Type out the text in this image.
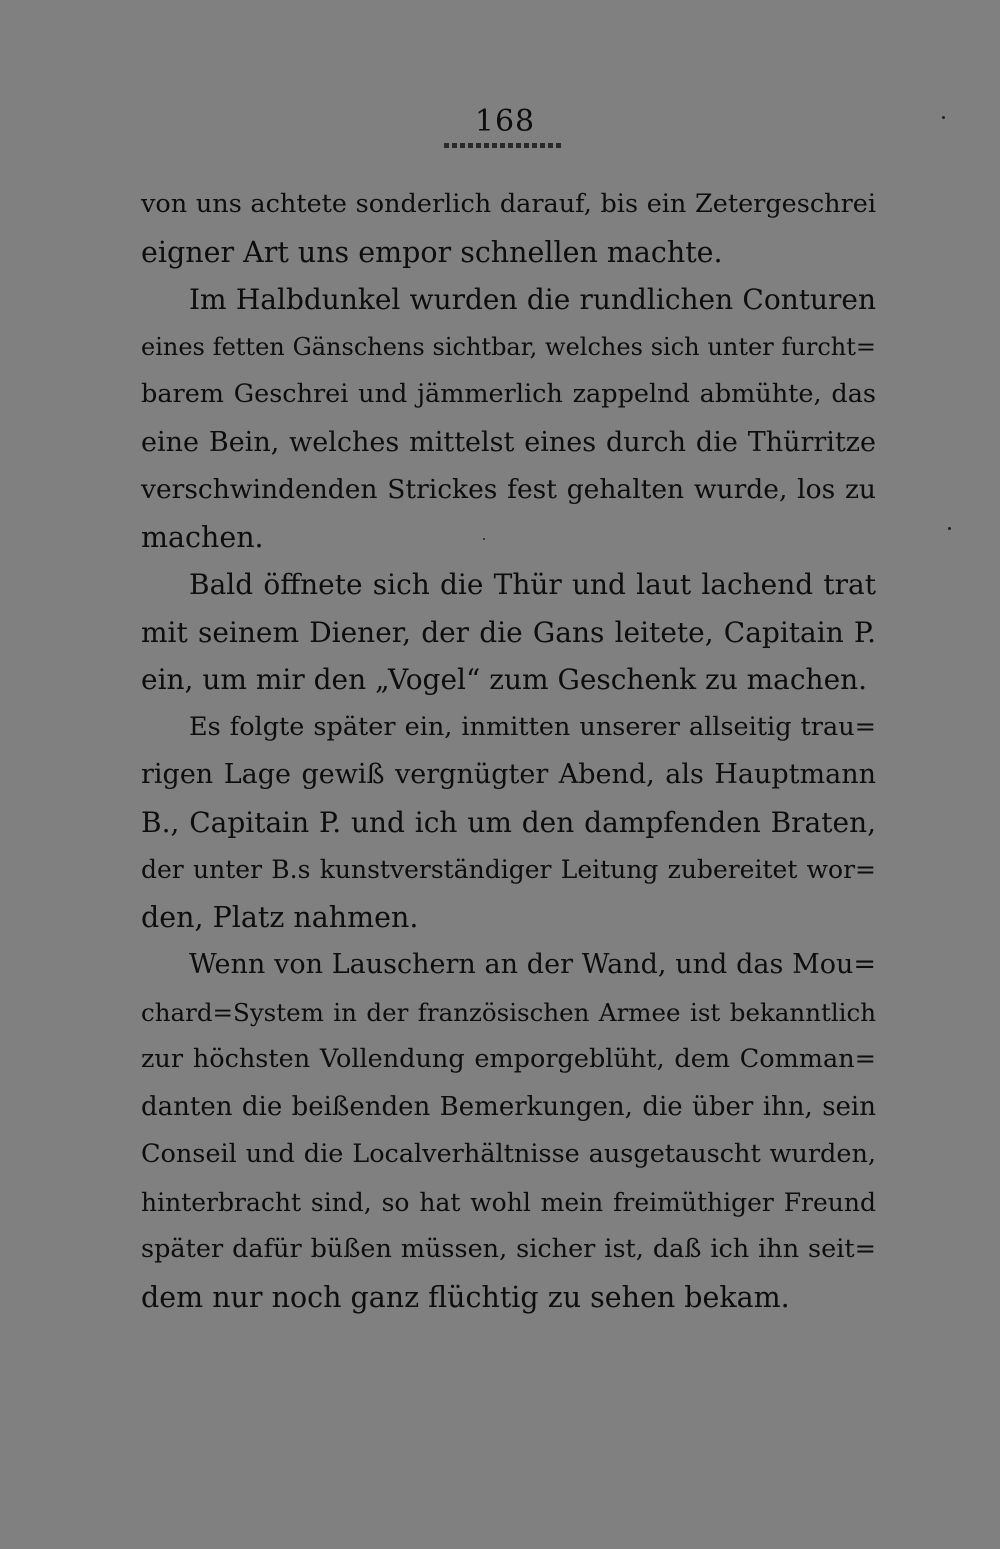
168
von uns achtete sonderlich darauf, bis ein Zetergeschrei
eigner Art uns empor schnellen machte.
Im Halbdunkel wurden die rundlichen Conturen
eines fetten Gänschens sichtbar, welches sich unter furcht=
barem Geschrei und jämmerlich zappelnd abmühte, das
eine Bein, welches mittelst eines durch die Thürritze
verschwindenden Strickes fest gehalten wurde, los zu
machen.
Bald öffnete sich die Thür und laut lachend trat
mit seinem Diener, der die Gans leitete, Capitain P.
ein, um mir den „Vogel“ zum Geschenk zu machen.
Es folgte später ein, inmitten unserer allseitig trau=
rigen Lage gewiß vergnügter Abend, als Hauptmann
B., Capitain P. und ich um den dampfenden Braten,
der unter B.s kunstverständiger Leitung zubereitet wor=
den, Platz nahmen.
Wenn von Lauschern an der Wand, und das Mou=
chard=System in der französischen Armee ist bekanntlich
zur höchsten Vollendung emporgeblüht, dem Comman=
danten die beißenden Bemerkungen, die über ihn, sein
Conseil und die Localverhältnisse ausgetauscht wurden,
hinterbracht sind, so hat wohl mein freimüthiger Freund
später dafür büßen müssen, sicher ist, daß ich ihn seit=
dem nur noch ganz flüchtig zu sehen bekam.
